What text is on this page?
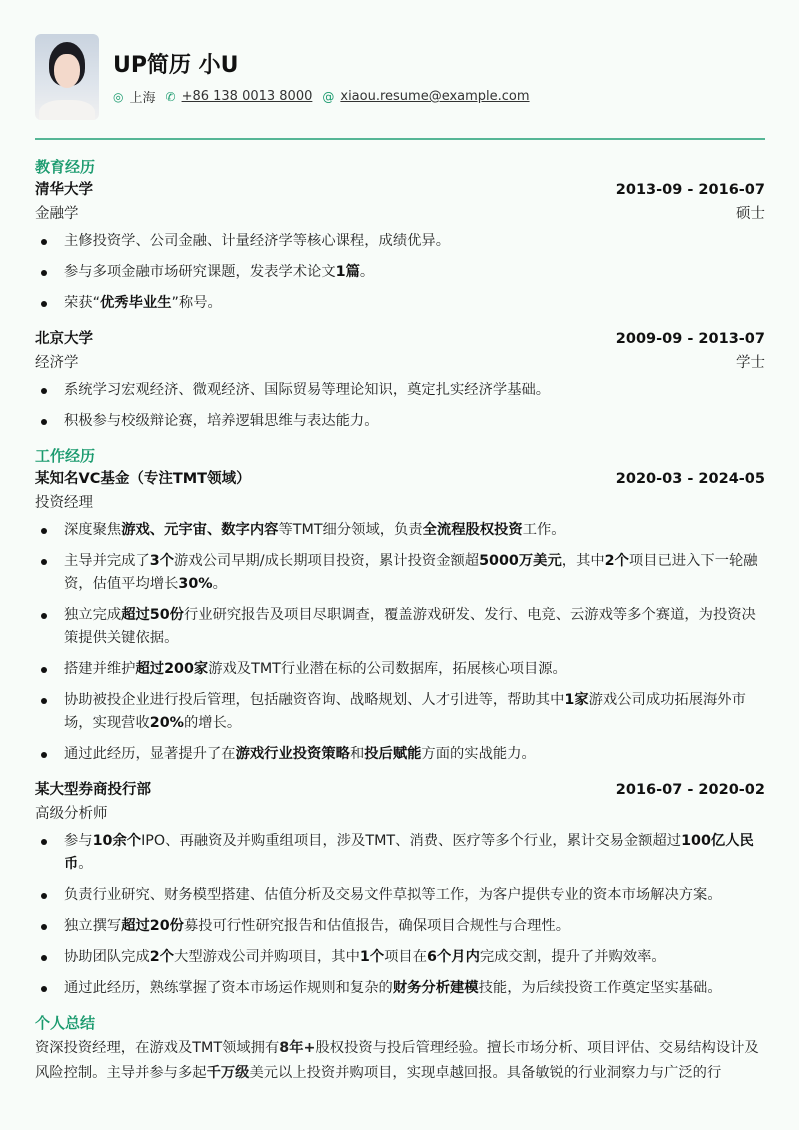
UP简历 小U
◎ 上海 ✆ +86 138 0013 8000 @ xiaou.resume@example.com
教育经历
清华大学	2013-09 - 2016-07
金融学	硕士
主修投资学、公司金融、计量经济学等核心课程，成绩优异。
参与多项金融市场研究课题，发表学术论文1篇。
荣获“优秀毕业生”称号。
北京大学	2009-09 - 2013-07
经济学	学士
系统学习宏观经济、微观经济、国际贸易等理论知识，奠定扎实经济学基础。
积极参与校级辩论赛，培养逻辑思维与表达能力。
工作经历
某知名VC基金（专注TMT领域）	2020-03 - 2024-05
投资经理
深度聚焦游戏、元宇宙、数字内容等TMT细分领域，负责全流程股权投资工作。
主导并完成了3个游戏公司早期/成长期项目投资，累计投资金额超5000万美元，其中2个项目已进入下一轮融资，估值平均增长30%。
独立完成超过50份行业研究报告及项目尽职调查，覆盖游戏研发、发行、电竞、云游戏等多个赛道，为投资决策提供关键依据。
搭建并维护超过200家游戏及TMT行业潜在标的公司数据库，拓展核心项目源。
协助被投企业进行投后管理，包括融资咨询、战略规划、人才引进等，帮助其中1家游戏公司成功拓展海外市场，实现营收20%的增长。
通过此经历，显著提升了在游戏行业投资策略和投后赋能方面的实战能力。
某大型券商投行部	2016-07 - 2020-02
高级分析师
参与10余个IPO、再融资及并购重组项目，涉及TMT、消费、医疗等多个行业，累计交易金额超过100亿人民币。
负责行业研究、财务模型搭建、估值分析及交易文件草拟等工作，为客户提供专业的资本市场解决方案。
独立撰写超过20份募投可行性研究报告和估值报告，确保项目合规性与合理性。
协助团队完成2个大型游戏公司并购项目，其中1个项目在6个月内完成交割，提升了并购效率。
通过此经历，熟练掌握了资本市场运作规则和复杂的财务分析建模技能，为后续投资工作奠定坚实基础。
个人总结
资深投资经理，在游戏及TMT领域拥有8年+股权投资与投后管理经验。擅长市场分析、项目评估、交易结构设计及风险控制。主导并参与多起千万级美元以上投资并购项目，实现卓越回报。具备敏锐的行业洞察力与广泛的行
